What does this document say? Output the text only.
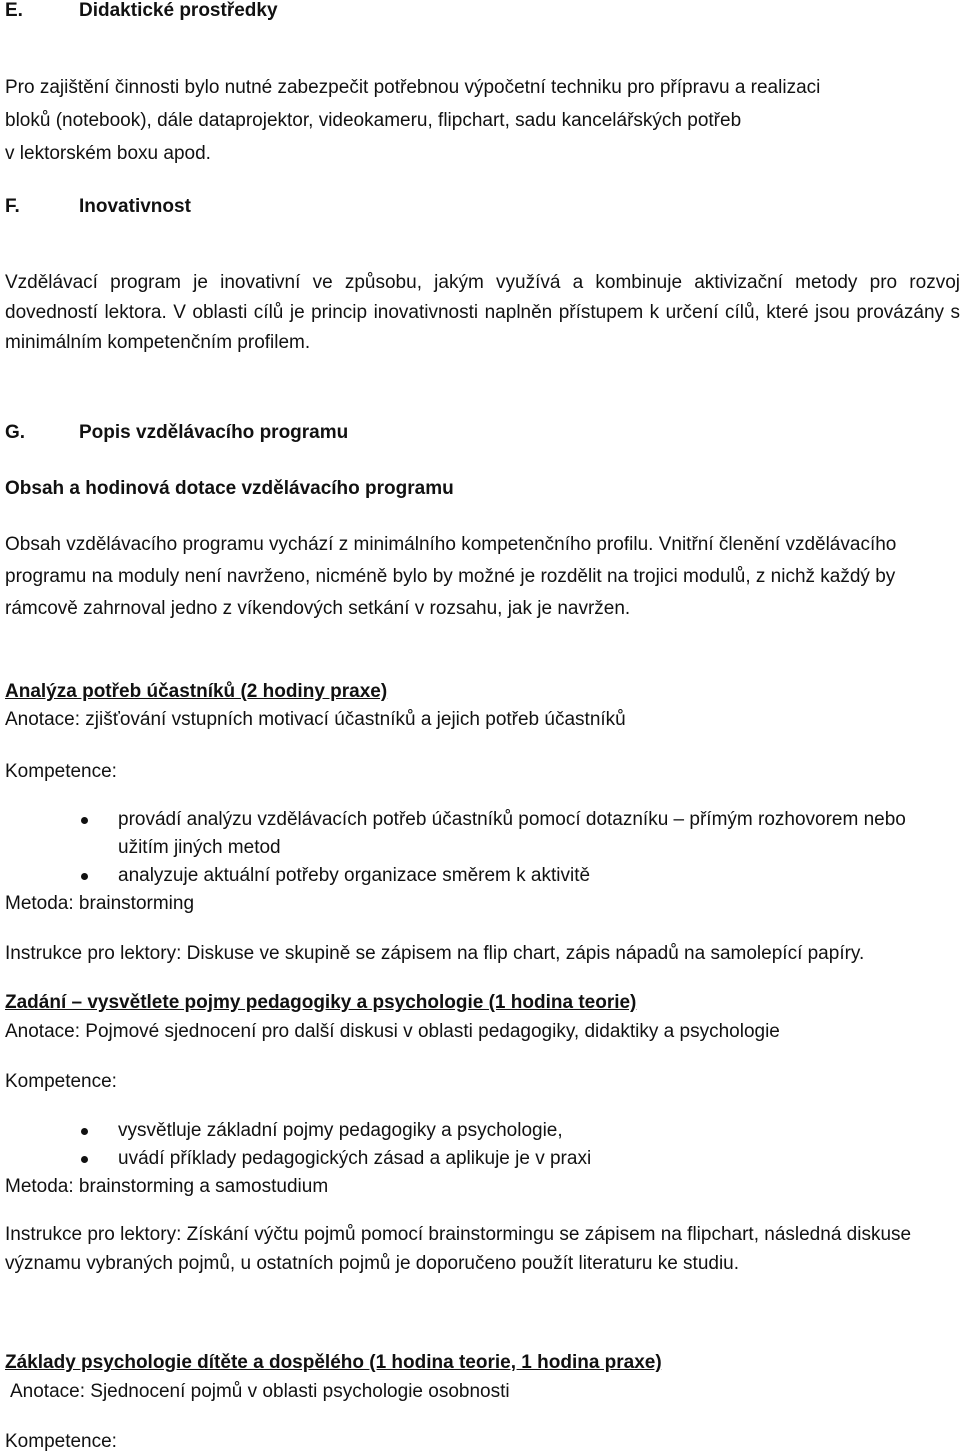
E.	Didaktické prostředky
Pro zajištění činnosti bylo nutné zabezpečit potřebnou výpočetní techniku pro přípravu a realizaci
bloků (notebook), dále dataprojektor, videokameru, flipchart, sadu kancelářských potřeb
v lektorském boxu apod.
F.	Inovativnost
Vzdělávací program je inovativní ve způsobu, jakým využívá a kombinuje aktivizační metody pro rozvoj dovedností lektora. V oblasti cílů je princip inovativnosti naplněn přístupem k určení cílů, které jsou provázány s minimálním kompetenčním profilem.
G.	Popis vzdělávacího programu
Obsah a hodinová dotace vzdělávacího programu
Obsah vzdělávacího programu vychází z minimálního kompetenčního profilu. Vnitřní členění vzdělávacího programu na moduly není navrženo, nicméně bylo by možné je rozdělit na trojici modulů, z nichž každý by rámcově zahrnoval jedno z víkendových setkání v rozsahu, jak je navržen.
Analýza potřeb účastníků (2 hodiny praxe)
Anotace: zjišťování vstupních motivací účastníků a jejich potřeb účastníků
Kompetence:
provádí analýzu vzdělávacích potřeb účastníků pomocí dotazníku – přímým rozhovorem nebo užitím jiných metod
analyzuje aktuální potřeby organizace směrem k aktivitě
Metoda: brainstorming
Instrukce pro lektory: Diskuse ve skupině se zápisem na flip chart, zápis nápadů na samolepící papíry.
Zadání – vysvětlete pojmy pedagogiky a psychologie (1 hodina teorie)
Anotace: Pojmové sjednocení pro další diskusi v oblasti pedagogiky, didaktiky a psychologie
Kompetence:
vysvětluje základní pojmy pedagogiky a psychologie,
uvádí příklady pedagogických zásad a aplikuje je v praxi
Metoda: brainstorming a samostudium
Instrukce pro lektory: Získání výčtu pojmů pomocí brainstormingu se zápisem na flipchart, následná diskuse významu vybraných pojmů, u ostatních pojmů je doporučeno použít literaturu ke studiu.
Základy psychologie dítěte a dospělého (1 hodina teorie, 1 hodina praxe)
Anotace: Sjednocení pojmů v oblasti psychologie osobnosti
Kompetence:
